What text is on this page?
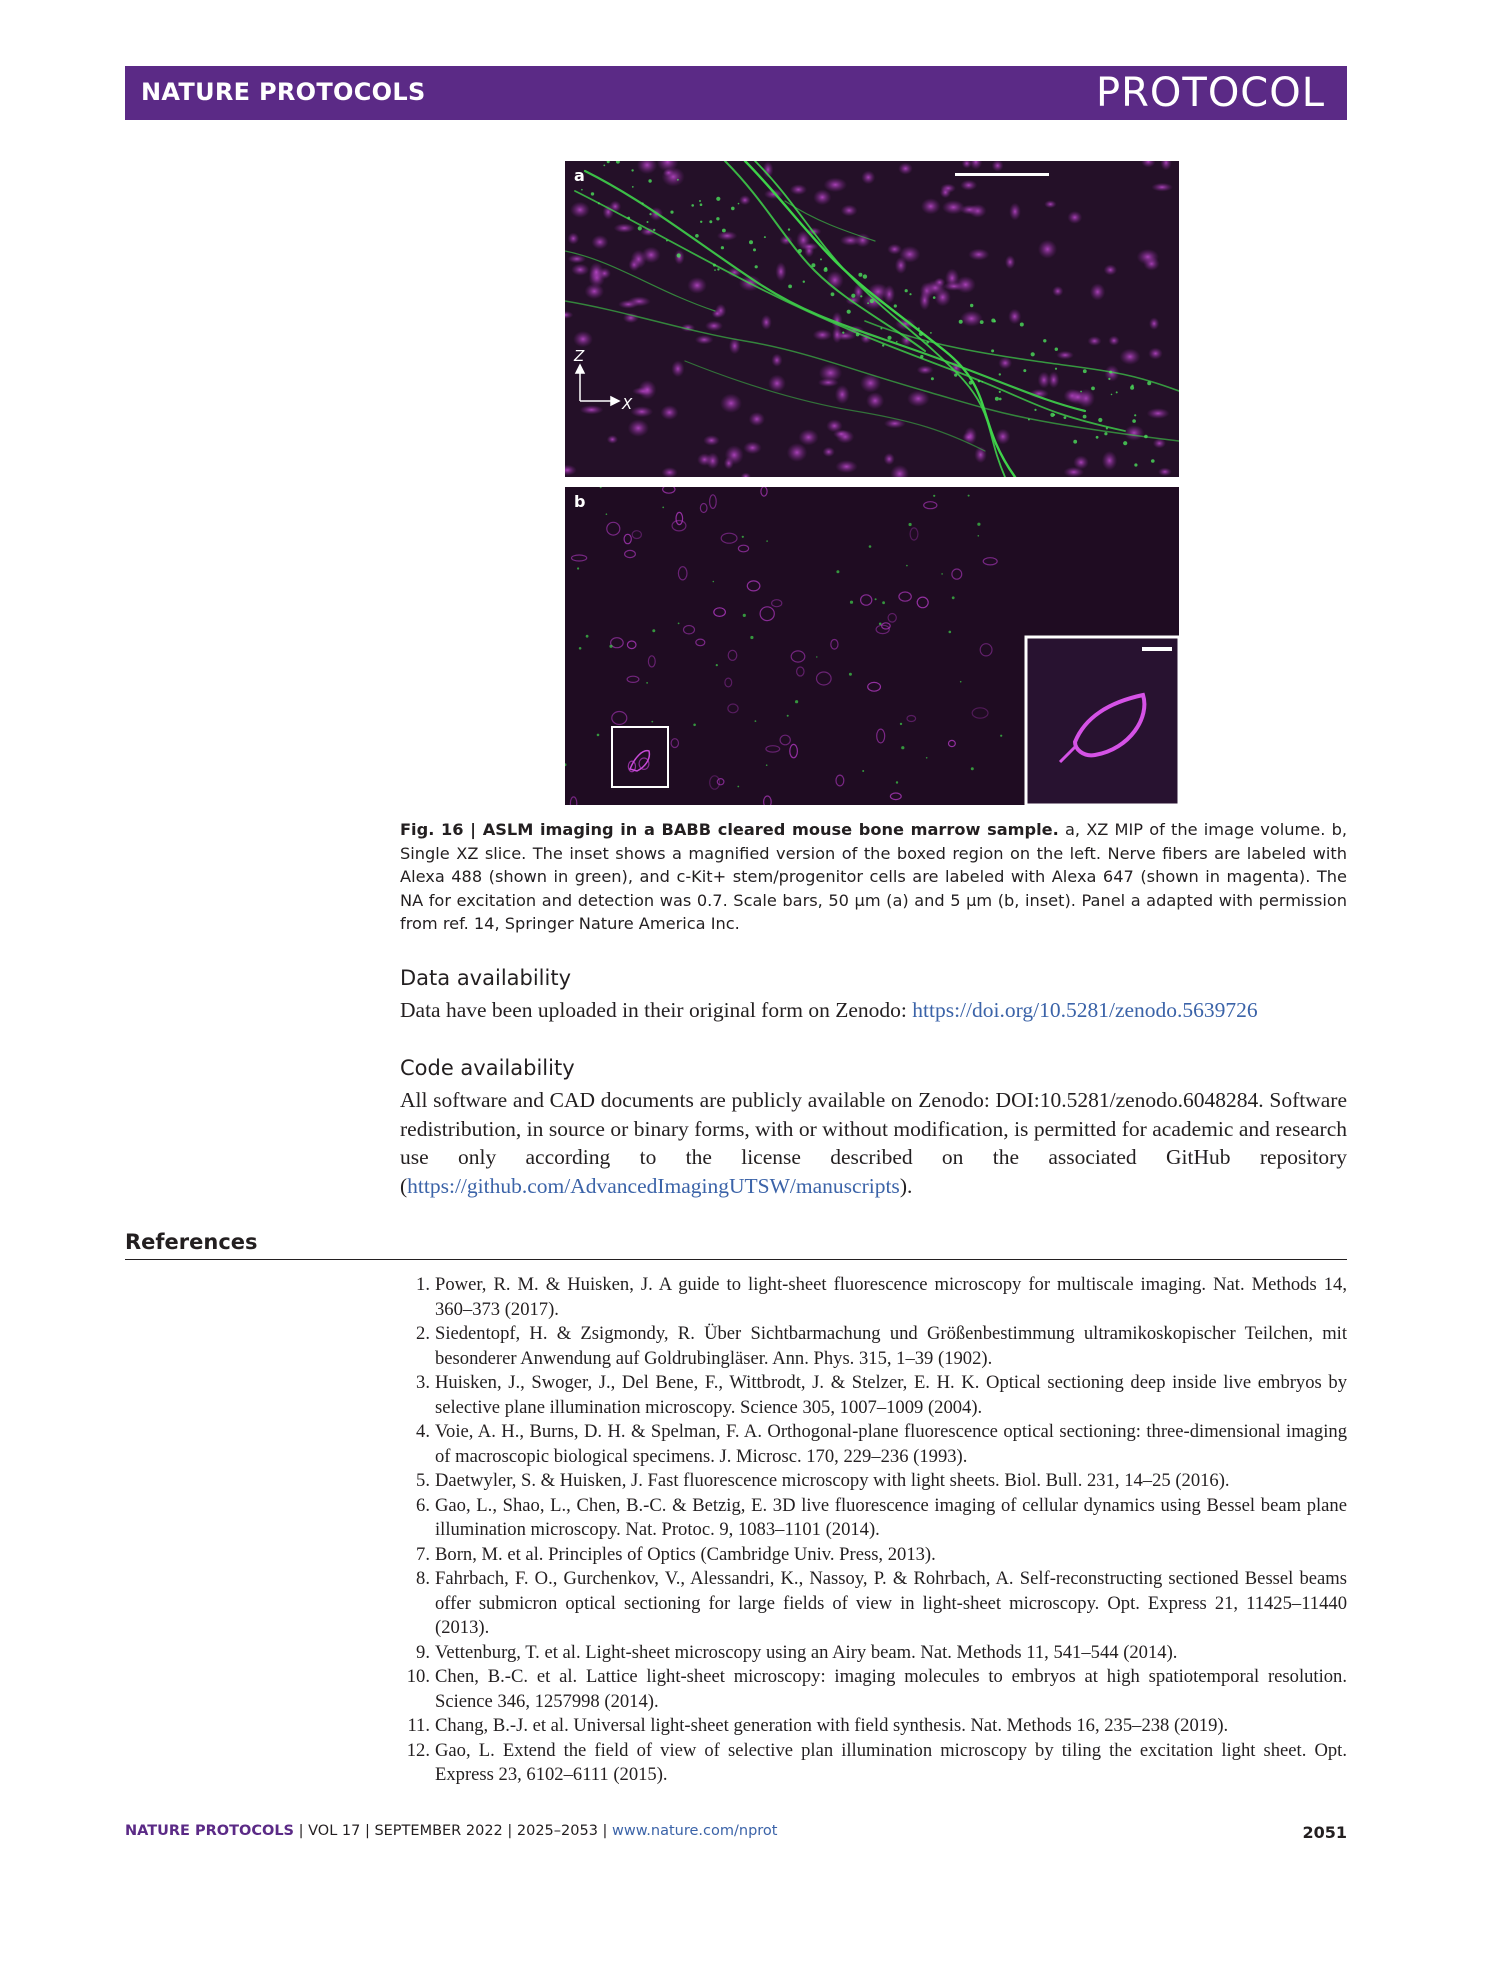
NATURE PROTOCOLS	PROTOCOL
Z
X
a
b
Fig. 16 | ASLM imaging in a BABB cleared mouse bone marrow sample. a, XZ MIP of the image volume. b, Single XZ slice. The inset shows a magnified version of the boxed region on the left. Nerve fibers are labeled with Alexa 488 (shown in green), and c-Kit+ stem/progenitor cells are labeled with Alexa 647 (shown in magenta). The NA for excitation and detection was 0.7. Scale bars, 50 µm (a) and 5 µm (b, inset). Panel a adapted with permission from ref. 14, Springer Nature America Inc.
Data availability
Data have been uploaded in their original form on Zenodo: https://doi.org/10.5281/zenodo.5639726
Code availability
All software and CAD documents are publicly available on Zenodo: DOI:10.5281/zenodo.6048284. Software redistribution, in source or binary forms, with or without modification, is permitted for academic and research use only according to the license described on the associated GitHub repository (https://github.com/AdvancedImagingUTSW/manuscripts).
References
1. Power, R. M. & Huisken, J. A guide to light-sheet fluorescence microscopy for multiscale imaging. Nat. Methods 14, 360–373 (2017).
2. Siedentopf, H. & Zsigmondy, R. Über Sichtbarmachung und Größenbestimmung ultramikoskopischer Teilchen, mit besonderer Anwendung auf Goldrubingläser. Ann. Phys. 315, 1–39 (1902).
3. Huisken, J., Swoger, J., Del Bene, F., Wittbrodt, J. & Stelzer, E. H. K. Optical sectioning deep inside live embryos by selective plane illumination microscopy. Science 305, 1007–1009 (2004).
4. Voie, A. H., Burns, D. H. & Spelman, F. A. Orthogonal-plane fluorescence optical sectioning: three-dimensional imaging of macroscopic biological specimens. J. Microsc. 170, 229–236 (1993).
5. Daetwyler, S. & Huisken, J. Fast fluorescence microscopy with light sheets. Biol. Bull. 231, 14–25 (2016).
6. Gao, L., Shao, L., Chen, B.-C. & Betzig, E. 3D live fluorescence imaging of cellular dynamics using Bessel beam plane illumination microscopy. Nat. Protoc. 9, 1083–1101 (2014).
7. Born, M. et al. Principles of Optics (Cambridge Univ. Press, 2013).
8. Fahrbach, F. O., Gurchenkov, V., Alessandri, K., Nassoy, P. & Rohrbach, A. Self-reconstructing sectioned Bessel beams offer submicron optical sectioning for large fields of view in light-sheet microscopy. Opt. Express 21, 11425–11440 (2013).
9. Vettenburg, T. et al. Light-sheet microscopy using an Airy beam. Nat. Methods 11, 541–544 (2014).
10. Chen, B.-C. et al. Lattice light-sheet microscopy: imaging molecules to embryos at high spatiotemporal resolution. Science 346, 1257998 (2014).
11. Chang, B.-J. et al. Universal light-sheet generation with field synthesis. Nat. Methods 16, 235–238 (2019).
12. Gao, L. Extend the field of view of selective plan illumination microscopy by tiling the excitation light sheet. Opt. Express 23, 6102–6111 (2015).
NATURE PROTOCOLS | VOL 17 | SEPTEMBER 2022 | 2025–2053 | www.nature.com/nprot	2051
